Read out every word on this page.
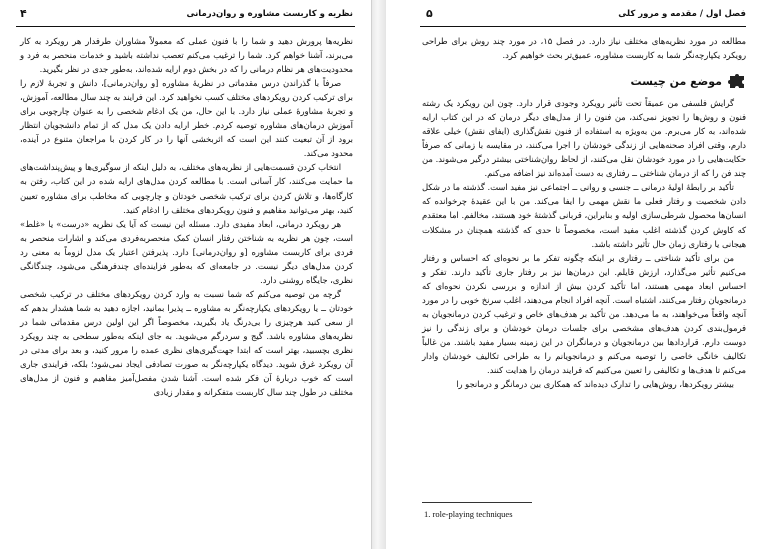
۴	نظریه و کاربست مشاوره و روان‌درمانی

نظریه‌ها پرورش دهید و شما را با فنون عملی که معمولاً مشاوران طرفدار هر رویکرد به کار می‌برند، آشنا خواهم کرد. شما را ترغیب می‌کنم تعصب نداشته باشید و خدمات منحصر به فرد و محدودیت‌های هر نظام درمانی را که در بخش دوم ارایه شده‌اند، به‌طور جدی در نظر بگیرید.

صرفاً با گذراندن درس مقدماتی در نظریهٔ مشاوره [و روان‌درمانی]، دانش و تجربهٔ لازم را برای ترکیب کردن رویکردهای مختلف کسب نخواهید کرد. این فرایند به چند سال مطالعه، آموزش، و تجربهٔ مشاورهٔ عملی نیاز دارد. با این حال، من یک ادغام شخصی را به عنوان چارچوبی برای آموزش درمان‌های مشاوره توصیه کردم. خطر ارایه دادن یک مدل که از تمام دانشجویان انتظار برود از آن تبعیت کنند این است که اثربخشی آنها را در کار کردن با مراجعان متنوع در آینده، محدود می‌کند.

انتخاب کردن قسمت‌هایی از نظریه‌های مختلف، به دلیل اینکه از سوگیری‌ها و پیش‌پنداشت‌های ما حمایت می‌کنند، کار آسانی است. با مطالعه کردن مدل‌های ارایه شده در این کتاب، رفتن به کارگاه‌ها، و تلاش کردن برای ترکیب شخصی خودتان و چارچوبی که مخاطب برای مشاوره تعیین کنید، بهتر می‌توانید مفاهیم و فنون رویکردهای مختلف را ادغام کنید.

هر رویکرد درمانی، ابعاد مفیدی دارد. مسئله این نیست که آیا یک نظریه «درست» یا «غلط» است، چون هر نظریه به شناختن رفتار انسان کمک منحصربه‌فردی می‌کند و اشارات منحصر به فردی برای کاربست مشاوره [و روان‌درمانی] دارد. پذیرفتن اعتبار یک مدل لزوماً به معنی رد کردن مدل‌های دیگر نیست. در جامعه‌ای که به‌طور فزاینده‌ای چندفرهنگی می‌شود، چندگانگی نظری، جایگاه روشنی دارد.

گرچه من توصیه می‌کنم که شما نسبت به وارد کردن رویکردهای مختلف در ترکیب شخصی خودتان ــ یا رویکردهای یکپارچه‌نگر به مشاوره ــ پذیرا بمانید، اجازه دهید به شما هشدار بدهم که از سعی کنید هرچیزی را بی‌درنگ یاد بگیرید، مخصوصاً اگر این اولین درس مقدماتی شما در نظریه‌های مشاوره باشد. گیج و سردرگم می‌شوید. به جای اینکه به‌طور سطحی به چند رویکرد نظری بچسبید، بهتر است که ابتدا جهت‌گیری‌های نظری عمده را مرور کنید، و بعد برای مدتی در آن رویکرد غرق شوید. دیدگاه یکپارچه‌نگر به صورت تصادفی ایجاد نمی‌شود؛ بلکه، فرایندی جاری است که خوب دربارهٔ آن فکر شده است. آشنا شدن مفصل‌آمیز مفاهیم و فنون از مدل‌های مختلف در طول چند سال کاربست متفکرانه و مقدار زیادی

۵	فصل اول / مقدمه و مرور کلی

مطالعه در مورد نظریه‌های مختلف نیاز دارد. در فصل ۱۵، در مورد چند روش برای طراحی رویکرد یکپارچه‌نگر شما به کاربست مشاوره، عمیق‌تر بحث خواهیم کرد.

موضع من چیست

گرایش فلسفی من عمیقاً تحت تأثیر رویکرد وجودی قرار دارد. چون این رویکرد یک رشته فنون و روش‌ها را تجویز نمی‌کند، من فنون را از مدل‌های دیگر درمان که در این کتاب ارایه شده‌اند، به کار می‌برم. من به‌ویژه به استفاده از فنون نقش‌گذاری (ایفای نقش) خیلی علاقه دارم، وقتی افراد صحنه‌هایی از زندگی خودشان را اجرا می‌کنند، در مقایسه با زمانی که صرفاً حکایت‌هایی را در مورد خودشان نقل می‌کنند، از لحاظ روان‌شناختی بیشتر درگیر می‌شوند. من چند فن را که از درمان شناختی ــ رفتاری به دست آمده‌اند نیز اضافه می‌کنم.

تأکید بر رابطهٔ اولیهٔ درمانی ــ جنسی و روانی ــ اجتماعی نیز مفید است. گذشته ما در شکل دادن شخصیت و رفتار فعلی ما نقش مهمی را ایفا می‌کند. من با این عقیدهٔ چرخوانده که انسان‌ها محصول شرطی‌سازی اولیه و بنابراین، قربانی گذشتهٔ خود هستند، مخالفم. اما معتقدم که کاوش کردن گذشته اغلب مفید است، مخصوصاً تا حدی که گذشته همچنان در مشکلات هیجانی یا رفتاری زمان حال تأثیر داشته باشد.

من برای تأکید شناختی ــ رفتاری بر اینکه چگونه تفکر ما بر نحوه‌ای که احساس و رفتار می‌کنیم تأثیر می‌گذارد، ارزش قایلم. این درمان‌ها نیز بر رفتار جاری تأکید دارند. تفکر و احساس ابعاد مهمی هستند، اما تأکید کردن بیش از اندازه و بررسی نکردن نحوه‌ای که درمانجویان رفتار می‌کنند، اشتباه است. آنچه افراد انجام می‌دهند، اغلب سرنخ خوبی را در مورد آنچه واقعاً می‌خواهند، به ما می‌دهد. من تأکید بر هدف‌های خاص و ترغیب کردن درمانجویان به فرمول‌بندی کردن هدف‌های مشخصی برای جلسات درمان خودشان و برای زندگی را نیز دوست دارم. قراردادها بین درمانجویان و درمانگران در این زمینه بسیار مفید باشند. من غالباً تکالیف خانگی خاصی را توصیه می‌کنم و درمانجویانم را به طراحی تکالیف خودشان وادار می‌کنم تا هدف‌ها و تکالیفی را تعیین می‌کنیم که فرایند درمان را هدایت کنند.

بیشتر رویکردها، روش‌هایی را تدارک دیده‌اند که همکاری بین درمانگر و درمانجو را

1. role-playing techniques
